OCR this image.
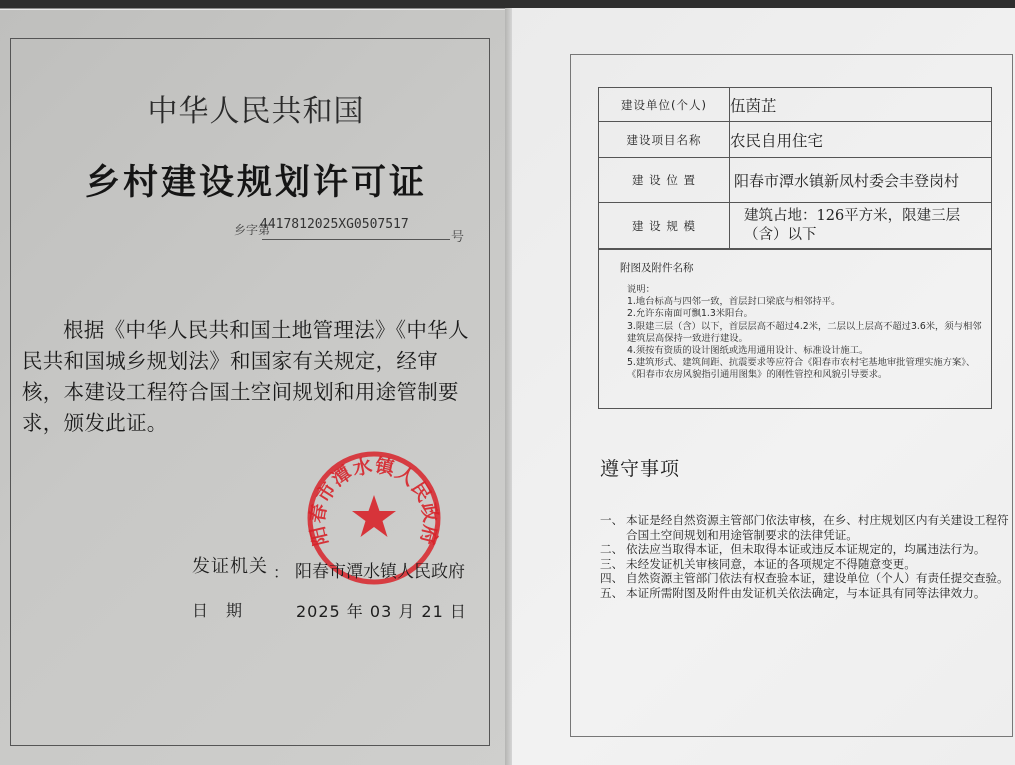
中华人民共和国
乡村建设规划许可证
乡字第
4417812025XG0507517
号
根据《中华人民共和国土地管理法》《中华人民共和国城乡规划法》和国家有关规定，经审核，本建设工程符合国土空间规划和用途管制要求，颁发此证。
阳春市潭水镇人民政府
发证机关 ： 阳春市潭水镇人民政府
日期 2025 年 03 月 21 日
建设单位(个人)	伍茵芷
建设项目名称	农民自用住宅
建 设 位 置	阳春市潭水镇新凤村委会丰登岗村
建 设 规 模	建筑占地：126平方米，限建三层（含）以下
附图及附件名称
说明：
1.地台标高与四邻一致，首层封口梁底与相邻持平。
2.允许东南面可飘1.3米阳台。
3.限建三层（含）以下，首层层高不超过4.2米，二层以上层高不超过3.6米，须与相邻建筑层高保持一致进行建设。
4.须按有资质的设计图纸或选用通用设计、标准设计施工。
5.建筑形式、建筑间距、抗震要求等应符合《阳春市农村宅基地审批管理实施方案》、《阳春市农房风貌指引通用图集》的刚性管控和风貌引导要求。
遵守事项
一、 本证是经自然资源主管部门依法审核，在乡、村庄规划区内有关建设工程符合国土空间规划和用途管制要求的法律凭证。
二、 依法应当取得本证，但未取得本证或违反本证规定的，均属违法行为。
三、 未经发证机关审核同意，本证的各项规定不得随意变更。
四、 自然资源主管部门依法有权查验本证，建设单位（个人）有责任提交查验。
五、 本证所需附图及附件由发证机关依法确定，与本证具有同等法律效力。
